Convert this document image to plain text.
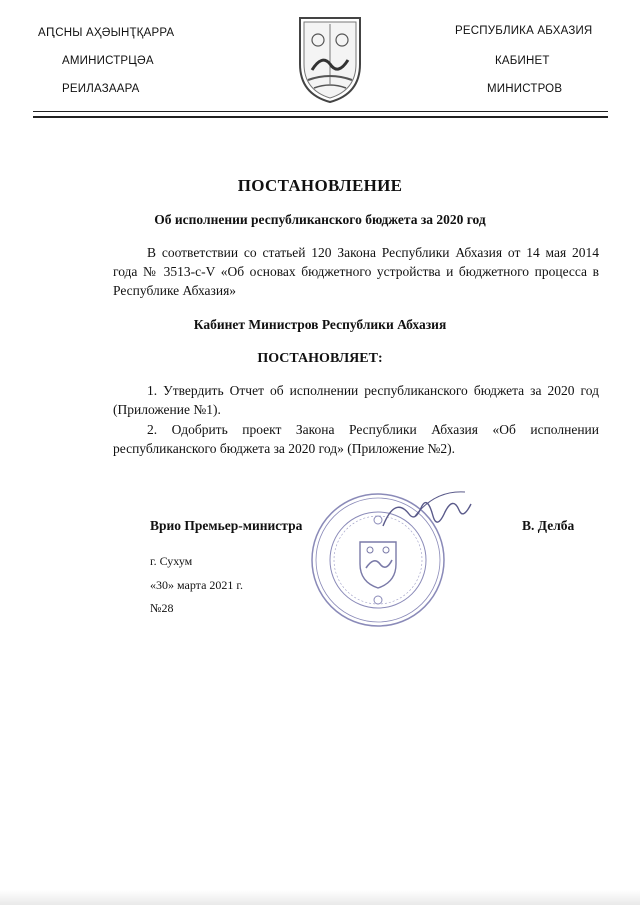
АԤСНЫ АҲӘЫНҬҚАРРА
АМИНИСТРЦӘА
РЕИЛАЗААРА
РЕСПУБЛИКА АБХАЗИЯ
КАБИНЕТ
МИНИСТРОВ
ПОСТАНОВЛЕНИЕ
Об исполнении республиканского бюджета за 2020 год
В соответствии со статьей 120 Закона Республики Абхазия от 14 мая 2014 года № 3513-с-V «Об основах бюджетного устройства и бюджетного процесса в Республике Абхазия»
Кабинет Министров Республики Абхазия
ПОСТАНОВЛЯЕТ:
1. Утвердить Отчет об исполнении республиканского бюджета за 2020 год (Приложение №1).
2. Одобрить проект Закона Республики Абхазия «Об исполнении республиканского бюджета за 2020 год» (Приложение №2).
Врио Премьер-министра	В. Делба
г. Сухум
«30» марта 2021 г.
№28
